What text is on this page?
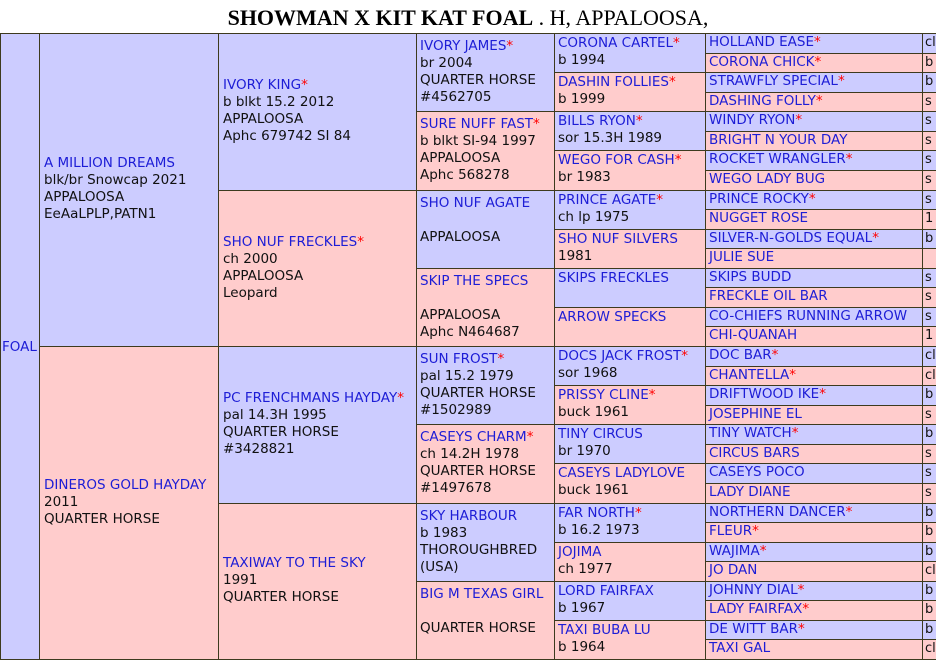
SHOWMAN X KIT KAT FOAL . H, APPALOOSA,
FOAL
A MILLION DREAMS
blk/br Snowcap 2021
APPALOOSA
EeAaLPLP,PATN1
DINEROS GOLD HAYDAY
2011
QUARTER HORSE
IVORY KING*
b blkt 15.2 2012
APPALOOSA
Aphc 679742 SI 84
SHO NUF FRECKLES*
ch 2000
APPALOOSA
Leopard
PC FRENCHMANS HAYDAY*
pal 14.3H 1995
QUARTER HORSE
#3428821
TAXIWAY TO THE SKY
1991
QUARTER HORSE
IVORY JAMES*
br 2004
QUARTER HORSE
#4562705
SURE NUFF FAST*
b blkt SI-94 1997
APPALOOSA
Aphc 568278
SHO NUF AGATE

APPALOOSA
SKIP THE SPECS

APPALOOSA
Aphc N464687
SUN FROST*
pal 15.2 1979
QUARTER HORSE
#1502989
CASEYS CHARM*
ch 14.2H 1978
QUARTER HORSE
#1497678
SKY HARBOUR
b 1983
THOROUGHBRED
(USA)
BIG M TEXAS GIRL

QUARTER HORSE
CORONA CARTEL*
b 1994
DASHIN FOLLIES*
b 1999
BILLS RYON*
sor 15.3H 1989
WEGO FOR CASH*
br 1983
PRINCE AGATE*
ch lp 1975
SHO NUF SILVERS
1981
SKIPS FRECKLES
ARROW SPECKS
DOCS JACK FROST*
sor 1968
PRISSY CLINE*
buck 1961
TINY CIRCUS
br 1970
CASEYS LADYLOVE
buck 1961
FAR NORTH*
b 16.2 1973
JOJIMA
ch 1977
LORD FAIRFAX
b 1967
TAXI BUBA LU
b 1964
HOLLAND EASE*
CORONA CHICK*
STRAWFLY SPECIAL*
DASHING FOLLY*
WINDY RYON*
BRIGHT N YOUR DAY
ROCKET WRANGLER*
WEGO LADY BUG
PRINCE ROCKY*
NUGGET ROSE
SILVER-N-GOLDS EQUAL*
JULIE SUE
SKIPS BUDD
FRECKLE OIL BAR
CO-CHIEFS RUNNING ARROW
CHI-QUANAH
DOC BAR*
CHANTELLA*
DRIFTWOOD IKE*
JOSEPHINE EL
TINY WATCH*
CIRCUS BARS
CASEYS POCO
LADY DIANE
NORTHERN DANCER*
FLEUR*
WAJIMA*
JO DAN
JOHNNY DIAL*
LADY FAIRFAX*
DE WITT BAR*
TAXI GAL
cl
b
b
s
s
s
s
s
s
1
b
s
s
s
1
cl
cl
b
s
b
s
s
s
b
b
b
cl
b
b
b
cl
